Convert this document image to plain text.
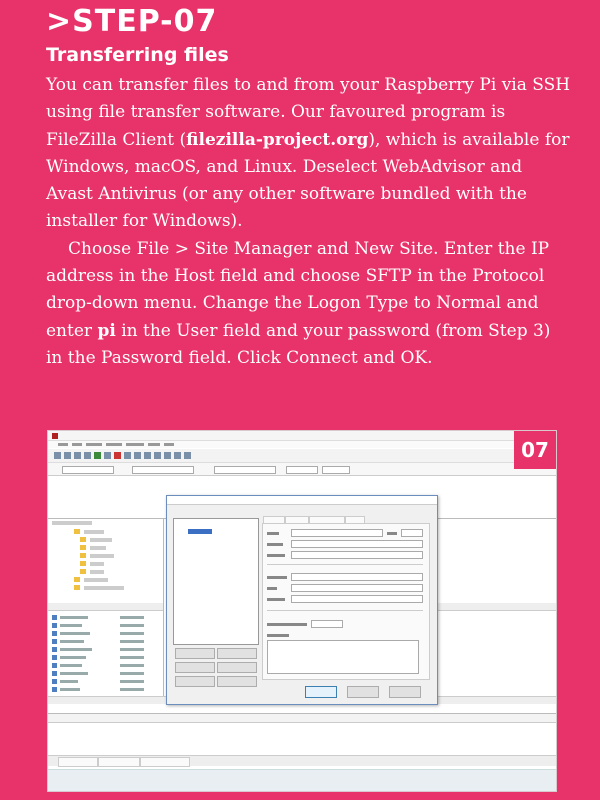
>STEP-07
Transferring files

You can transfer files to and from your Raspberry Pi via SSH using file transfer software. Our favoured program is FileZilla Client (filezilla-project.org), which is available for Windows, macOS, and Linux. Deselect WebAdvisor and Avast Antivirus (or any other software bundled with the installer for Windows).

Choose File > Site Manager and New Site. Enter the IP address in the Host field and choose SFTP in the Protocol drop-down menu. Change the Logon Type to Normal and enter pi in the User field and your password (from Step 3) in the Password field. Click Connect and OK.

07
